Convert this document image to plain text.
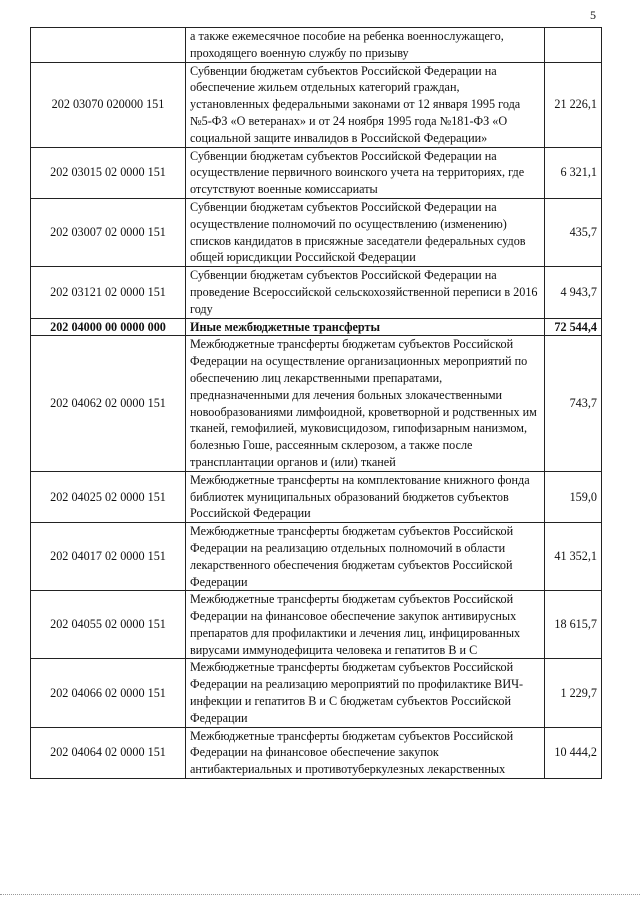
5
	а также ежемесячное пособие на ребенка военнослужащего, проходящего военную службу по призыву	
202 03070 020000 151	Субвенции бюджетам субъектов Российской Федерации на обеспечение жильем отдельных категорий граждан, установленных федеральными законами от 12 января 1995 года №5-ФЗ «О ветеранах» и от 24 ноября 1995 года №181-ФЗ «О социальной защите инвалидов в Российской Федерации»	21 226,1
202 03015 02 0000 151	Субвенции бюджетам субъектов Российской Федерации на осуществление первичного воинского учета на территориях, где отсутствуют военные комиссариаты	6 321,1
202 03007 02 0000 151	Субвенции бюджетам субъектов Российской Федерации на осуществление полномочий по осуществлению (изменению) списков кандидатов в присяжные заседатели федеральных судов общей юрисдикции Российской Федерации	435,7
202 03121 02 0000 151	Субвенции бюджетам субъектов Российской Федерации на проведение Всероссийской сельскохозяйственной переписи в 2016 году	4 943,7
202 04000 00 0000 000	Иные межбюджетные трансферты	72 544,4
202 04062 02 0000 151	Межбюджетные трансферты бюджетам субъектов Российской Федерации на осуществление организационных мероприятий по обеспечению лиц лекарственными препаратами, предназначенными для лечения больных злокачественными новообразованиями лимфоидной, кроветворной и родственных им тканей, гемофилией, муковисцидозом, гипофизарным нанизмом, болезнью Гоше, рассеянным склерозом, а также после трансплантации органов и (или) тканей	743,7
202 04025 02 0000 151	Межбюджетные трансферты на комплектование книжного фонда библиотек муниципальных образований бюджетов субъектов Российской Федерации	159,0
202 04017 02 0000 151	Межбюджетные трансферты бюджетам субъектов Российской Федерации на реализацию отдельных полномочий в области лекарственного обеспечения бюджетам субъектов Российской Федерации	41 352,1
202 04055 02 0000 151	Межбюджетные трансферты бюджетам субъектов Российской Федерации на финансовое обеспечение закупок антивирусных препаратов для профилактики и лечения лиц, инфицированных вирусами иммунодефицита человека и гепатитов В и С	18 615,7
202 04066 02 0000 151	Межбюджетные трансферты бюджетам субъектов Российской Федерации на реализацию мероприятий по профилактике ВИЧ-инфекции и гепатитов В и С бюджетам субъектов Российской Федерации	1 229,7
202 04064 02 0000 151	Межбюджетные трансферты бюджетам субъектов Российской Федерации на финансовое обеспечение закупок антибактериальных и противотуберкулезных лекарственных	10 444,2
